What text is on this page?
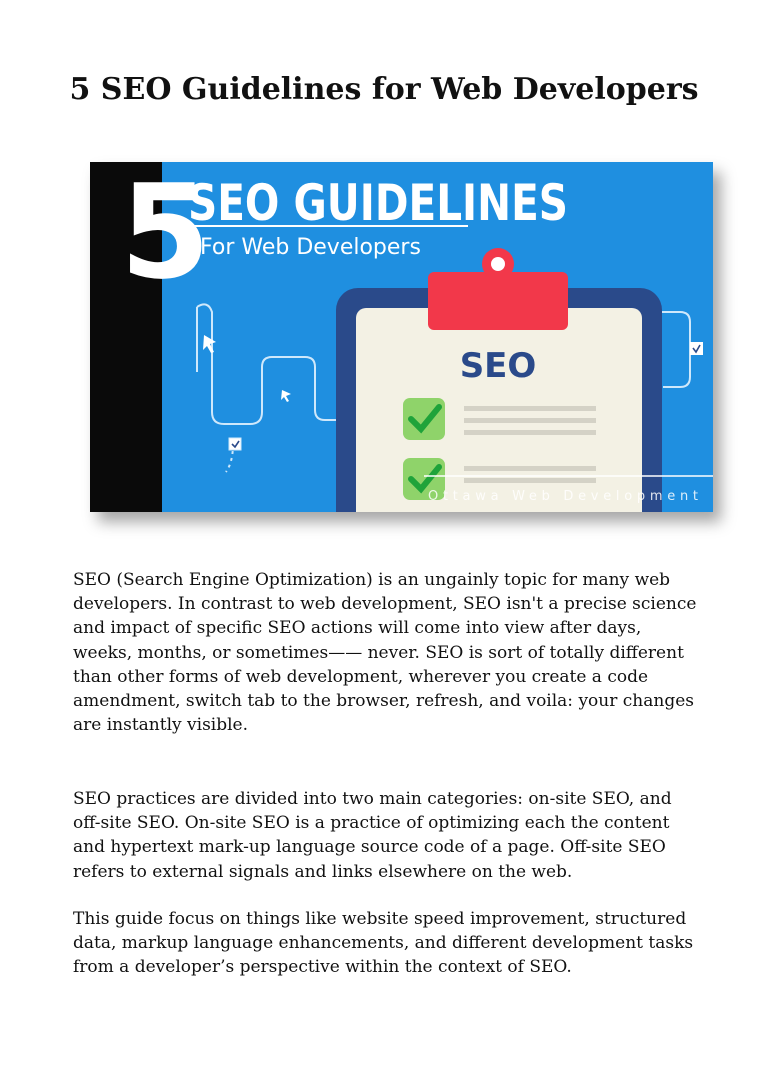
5 SEO Guidelines for Web Developers
5
SEO GUIDELINES
For Web Developers
SEO
Ottawa Web Development

SEO (Search Engine Optimization) is an ungainly topic for many web developers. In contrast to web development, SEO isn't a precise science and impact of specific SEO actions will come into view after days, weeks, months, or sometimes—— never. SEO is sort of totally different than other forms of web development, wherever you create a code amendment, switch tab to the browser, refresh, and voila: your changes are instantly visible.

SEO practices are divided into two main categories: on-site SEO, and off-site SEO. On-site SEO is a practice of optimizing each the content and hypertext mark-up language source code of a page. Off-site SEO refers to external signals and links elsewhere on the web.

This guide focus on things like website speed improvement, structured data, markup language enhancements, and different development tasks from a developer’s perspective within the context of SEO.
